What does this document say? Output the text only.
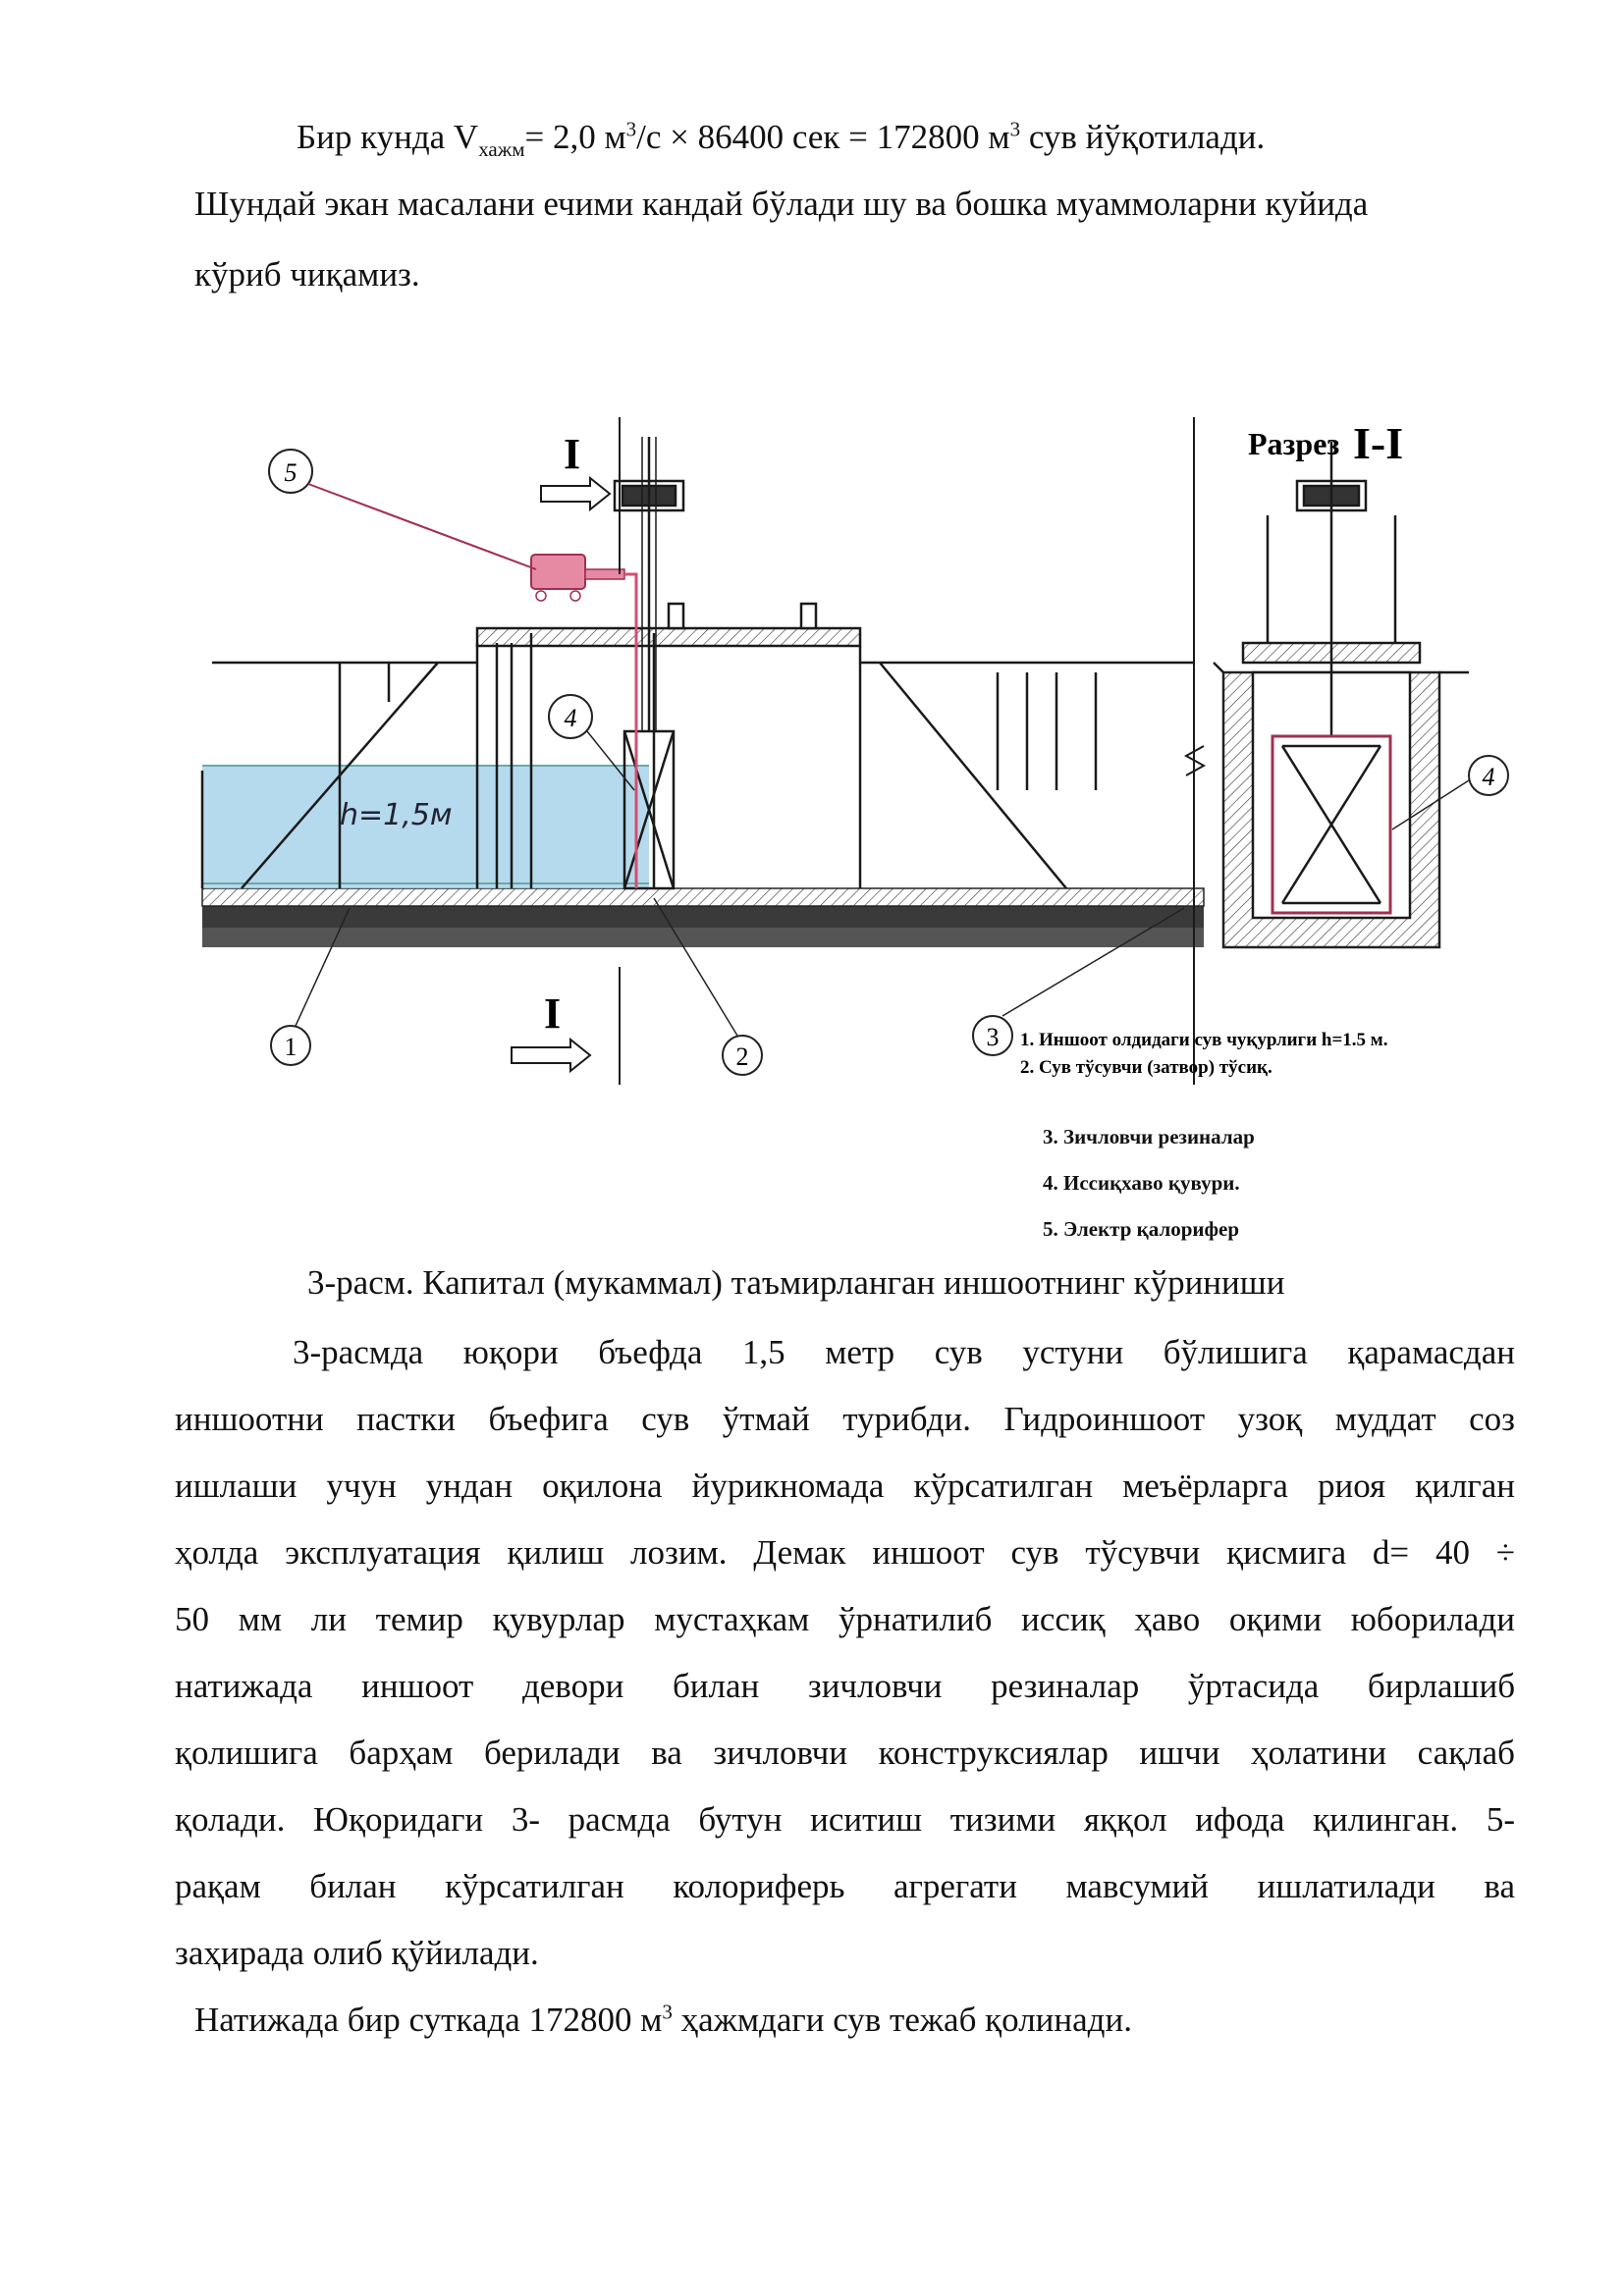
Бир кунда $V_{хажм}= 2,0$ $м^3/с \times 86400$ сек = 172800 $м^3$ сув йўқотилади.
Шундай экан масалани ечими кандай бўлади шу ва бошка муаммоларни куйида
кўриб чиқамиз.
I
I
Разрез I-I
h=1,5м
5
4
1	2
3
4
1. Иншоот олдидаги сув чуқурлиги h=1.5 м.
2. Сув тўсувчи (затвор) тўсиқ.
3. Зичловчи резиналар
4. Иссиқхаво қувури.
5. Электр қалорифер
3-расм. Капитал (мукаммал) таъмирланган иншоотнинг кўриниши
3-расмда юқори бъефда 1,5 метр сув устуни бўлишига қарамасдан
иншоотни пастки бъефига сув ўтмай турибди. Гидроиншоот узоқ муддат соз
ишлаши учун ундан оқилона йурикномада кўрсатилган меъёрларга риоя қилган
ҳолда эксплуатация қилиш лозим. Демак иншоот сув тўсувчи қисмига d= 40 ÷
50 мм ли темир қувурлар мустаҳкам ўрнатилиб иссиқ ҳаво оқими юборилади
натижада иншоот девори билан зичловчи резиналар ўртасида бирлашиб
қолишига барҳам берилади ва зичловчи конструксиялар ишчи ҳолатини сақлаб
қолади. Юқоридаги 3- расмда бутун иситиш тизими яққол ифода қилинган. 5-
рақам билан кўрсатилган колориферь агрегати мавсумий ишлатилади ва
заҳирада олиб қўйилади.
Натижада бир суткада 172800 $м^3$ ҳажмдаги сув тежаб қолинади.
